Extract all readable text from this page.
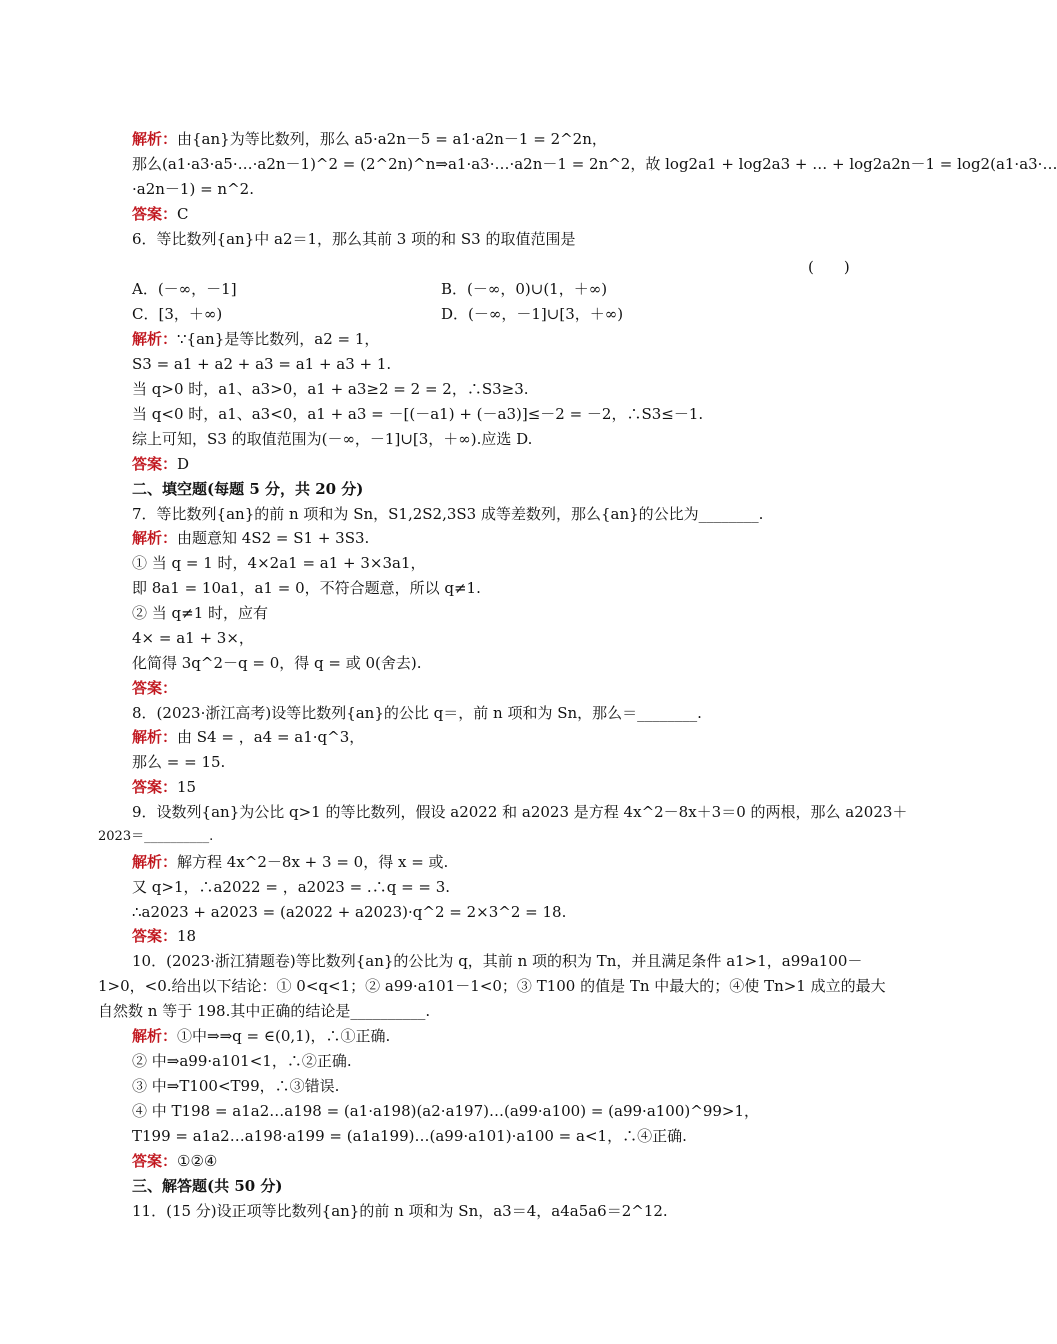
解析：由{an}为等比数列，那么 a5·a2n－5 = a1·a2n－1 = 2^2n，
那么(a1·a3·a5·…·a2n－1)^2 = (2^2n)^n⇒a1·a3·…·a2n－1 = 2n^2，故 log2a1 + log2a3 + … + log2a2n－1 = log2(a1·a3·…
·a2n－1) = n^2.
答案：C
6．等比数列{an}中 a2＝1，那么其前 3 项的和 S3 的取值范围是
(　　)
A．(－∞，－1]	B．(－∞，0)∪(1，＋∞)
C．[3，＋∞)	D．(－∞，－1]∪[3，＋∞)
解析：∵{an}是等比数列，a2 = 1，
S3 = a1 + a2 + a3 = a1 + a3 + 1.
当 q>0 时，a1、a3>0，a1 + a3≥2 = 2 = 2，∴S3≥3.
当 q<0 时，a1、a3<0，a1 + a3 = －[(－a1) + (－a3)]≤－2 = －2，∴S3≤－1.
综上可知，S3 的取值范围为(－∞，－1]∪[3，＋∞).应选 D.
答案：D
二、填空题(每题 5 分，共 20 分)
7．等比数列{an}的前 n 项和为 Sn，S1,2S2,3S3 成等差数列，那么{an}的公比为________.
解析：由题意知 4S2 = S1 + 3S3.
① 当 q = 1 时，4×2a1 = a1 + 3×3a1，
即 8a1 = 10a1，a1 = 0，不符合题意，所以 q≠1.
② 当 q≠1 时，应有
4× = a1 + 3×，
化简得 3q^2－q = 0，得 q = 或 0(舍去).
答案：
8．(2023·浙江高考)设等比数列{an}的公比 q＝，前 n 项和为 Sn，那么＝________.
解析：由 S4 = ，a4 = a1·q^3，
那么 = = 15.
答案：15
9．设数列{an}为公比 q>1 的等比数列，假设 a2022 和 a2023 是方程 4x^2－8x＋3＝0 的两根，那么 a2023＋
2023＝__________.
解析：解方程 4x^2－8x + 3 = 0，得 x = 或.
又 q>1，∴a2022 = ，a2023 = .∴q = = 3.
∴a2023 + a2023 = (a2022 + a2023)·q^2 = 2×3^2 = 18.
答案：18
10．(2023·浙江猜题卷)等比数列{an}的公比为 q，其前 n 项的积为 Tn，并且满足条件 a1>1，a99a100－
1>0，<0.给出以下结论：① 0<q<1；② a99·a101－1<0；③ T100 的值是 Tn 中最大的；④使 Tn>1 成立的最大
自然数 n 等于 198.其中正确的结论是__________.
解析：①中⇒⇒q = ∈(0,1)，∴①正确.
② 中⇒a99·a101<1，∴②正确.
③ 中⇒T100<T99，∴③错误.
④ 中 T198 = a1a2…a198 = (a1·a198)(a2·a197)…(a99·a100) = (a99·a100)^99>1，
T199 = a1a2…a198·a199 = (a1a199)…(a99·a101)·a100 = a<1，∴④正确.
答案：①②④
三、解答题(共 50 分)
11．(15 分)设正项等比数列{an}的前 n 项和为 Sn，a3＝4，a4a5a6＝2^12.
